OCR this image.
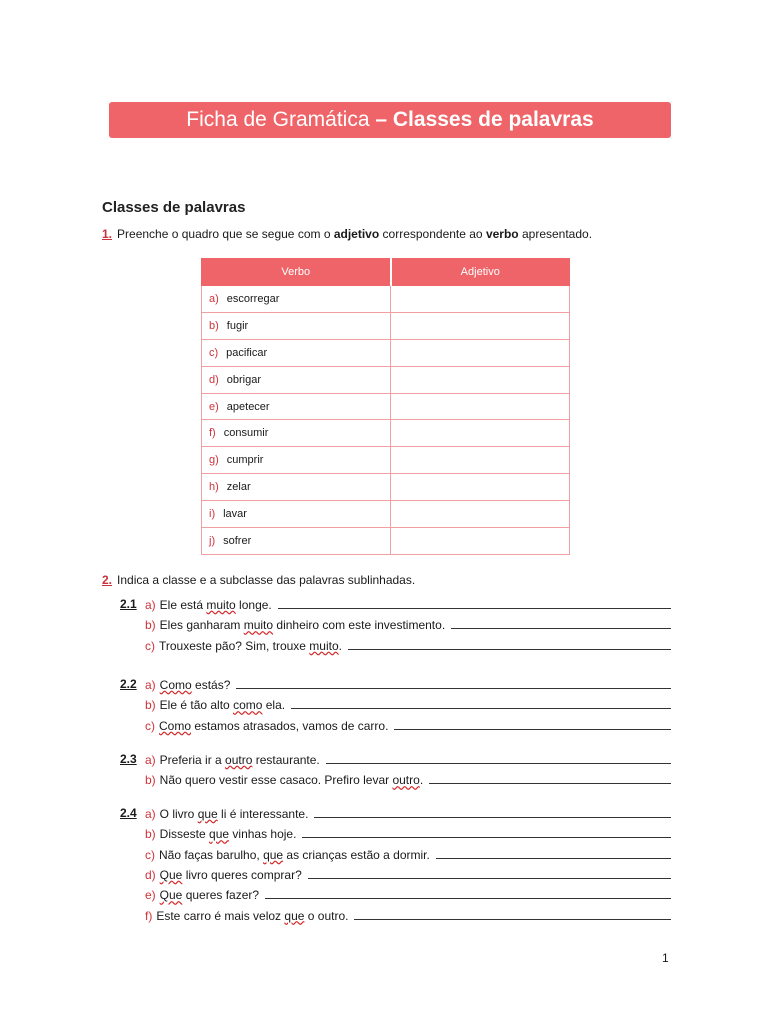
Ficha de Gramática – Classes de palavras
Classes de palavras
1. Preenche o quadro que se segue com o adjetivo correspondente ao verbo apresentado.
Verbo	Adjetivo
a) escorregar	
b) fugir	
c) pacificar	
d) obrigar	
e) apetecer	
f) consumir	
g) cumprir	
h) zelar	
i) lavar	
j) sofrer	
2. Indica a classe e a subclasse das palavras sublinhadas.
2.1 a) Ele está muito longe.
b) Eles ganharam muito dinheiro com este investimento.
c) Trouxeste pão? Sim, trouxe muito .
2.2 a) Como estás?
b) Ele é tão alto como ela.
c) Como estamos atrasados, vamos de carro.
2.3 a) Preferia ir a outro restaurante.
b) Não quero vestir esse casaco. Prefiro levar outro .
2.4 a) O livro que li é interessante.
b) Disseste que vinhas hoje.
c) Não faças barulho, que as crianças estão a dormir.
d) Que livro queres comprar?
e) Que queres fazer?
f) Este carro é mais veloz que o outro.
1
